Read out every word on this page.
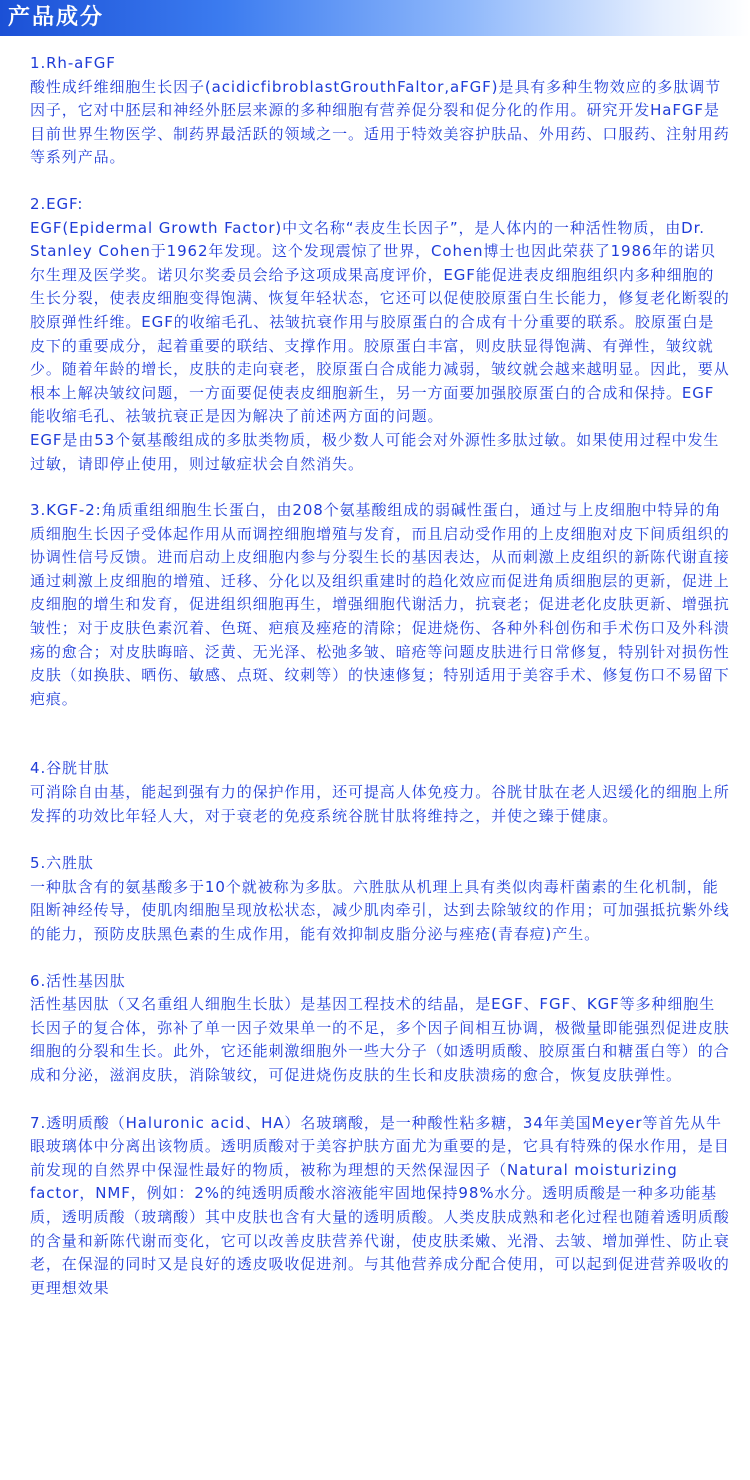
产品成分

1.Rh-aFGF

酸性成纤维细胞生长因子(acidicfibroblastGrouthFaltor,aFGF)是具有多种生物效应的多肽调节因子，它对中胚层和神经外胚层来源的多种细胞有营养促分裂和促分化的作用。研究开发HaFGF是目前世界生物医学、制药界最活跃的领域之一。适用于特效美容护肤品、外用药、口服药、注射用药等系列产品。

2.EGF:

EGF(Epidermal Growth Factor)中文名称“表皮生长因子”，是人体内的一种活性物质，由Dr. Stanley Cohen于1962年发现。这个发现震惊了世界，Cohen博士也因此荣获了1986年的诺贝尔生理及医学奖。诺贝尔奖委员会给予这项成果高度评价，EGF能促进表皮细胞组织内多种细胞的生长分裂，使表皮细胞变得饱满、恢复年轻状态，它还可以促使胶原蛋白生长能力，修复老化断裂的胶原弹性纤维。EGF的收缩毛孔、祛皱抗衰作用与胶原蛋白的合成有十分重要的联系。胶原蛋白是皮下的重要成分，起着重要的联结、支撑作用。胶原蛋白丰富，则皮肤显得饱满、有弹性，皱纹就少。随着年龄的增长，皮肤的走向衰老，胶原蛋白合成能力减弱，皱纹就会越来越明显。因此，要从根本上解决皱纹问题，一方面要促使表皮细胞新生，另一方面要加强胶原蛋白的合成和保持。EGF能收缩毛孔、祛皱抗衰正是因为解决了前述两方面的问题。

EGF是由53个氨基酸组成的多肽类物质，极少数人可能会对外源性多肽过敏。如果使用过程中发生过敏，请即停止使用，则过敏症状会自然消失。

3.KGF-2:角质重组细胞生长蛋白，由208个氨基酸组成的弱碱性蛋白，通过与上皮细胞中特异的角质细胞生长因子受体起作用从而调控细胞增殖与发育，而且启动受作用的上皮细胞对皮下间质组织的协调性信号反馈。进而启动上皮细胞内参与分裂生长的基因表达，从而刺激上皮组织的新陈代谢直接通过刺激上皮细胞的增殖、迁移、分化以及组织重建时的趋化效应而促进角质细胞层的更新，促进上皮细胞的增生和发育，促进组织细胞再生，增强细胞代谢活力，抗衰老；促进老化皮肤更新、增强抗皱性；对于皮肤色素沉着、色斑、疤痕及痤疮的清除；促进烧伤、各种外科创伤和手术伤口及外科溃疡的愈合；对皮肤晦暗、泛黄、无光泽、松弛多皱、暗疮等问题皮肤进行日常修复，特别针对损伤性皮肤（如换肤、晒伤、敏感、点斑、纹刺等）的快速修复；特别适用于美容手术、修复伤口不易留下疤痕。

4.谷胱甘肽

可消除自由基，能起到强有力的保护作用，还可提高人体免疫力。谷胱甘肽在老人迟缓化的细胞上所发挥的功效比年轻人大，对于衰老的免疫系统谷胱甘肽将维持之，并使之臻于健康。

5.六胜肽

一种肽含有的氨基酸多于10个就被称为多肽。六胜肽从机理上具有类似肉毒杆菌素的生化机制，能阻断神经传导，使肌肉细胞呈现放松状态，减少肌肉牵引，达到去除皱纹的作用；可加强抵抗紫外线的能力，预防皮肤黑色素的生成作用，能有效抑制皮脂分泌与痤疮(青春痘)产生。

6.活性基因肽

活性基因肽（又名重组人细胞生长肽）是基因工程技术的结晶，是EGF、FGF、KGF等多种细胞生长因子的复合体，弥补了单一因子效果单一的不足，多个因子间相互协调，极微量即能强烈促进皮肤细胞的分裂和生长。此外，它还能刺激细胞外一些大分子（如透明质酸、胶原蛋白和糖蛋白等）的合成和分泌，滋润皮肤，消除皱纹，可促进烧伤皮肤的生长和皮肤溃疡的愈合，恢复皮肤弹性。

7.透明质酸（Haluronic acid、HA）名玻璃酸，是一种酸性粘多糖，34年美国Meyer等首先从牛眼玻璃体中分离出该物质。透明质酸对于美容护肤方面尤为重要的是，它具有特殊的保水作用，是目前发现的自然界中保湿性最好的物质，被称为理想的天然保湿因子（Natural moisturizing factor，NMF，例如：2%的纯透明质酸水溶液能牢固地保持98%水分。透明质酸是一种多功能基质，透明质酸（玻璃酸）其中皮肤也含有大量的透明质酸。人类皮肤成熟和老化过程也随着透明质酸的含量和新陈代谢而变化，它可以改善皮肤营养代谢，使皮肤柔嫩、光滑、去皱、增加弹性、防止衰老，在保湿的同时又是良好的透皮吸收促进剂。与其他营养成分配合使用，可以起到促进营养吸收的更理想效果
